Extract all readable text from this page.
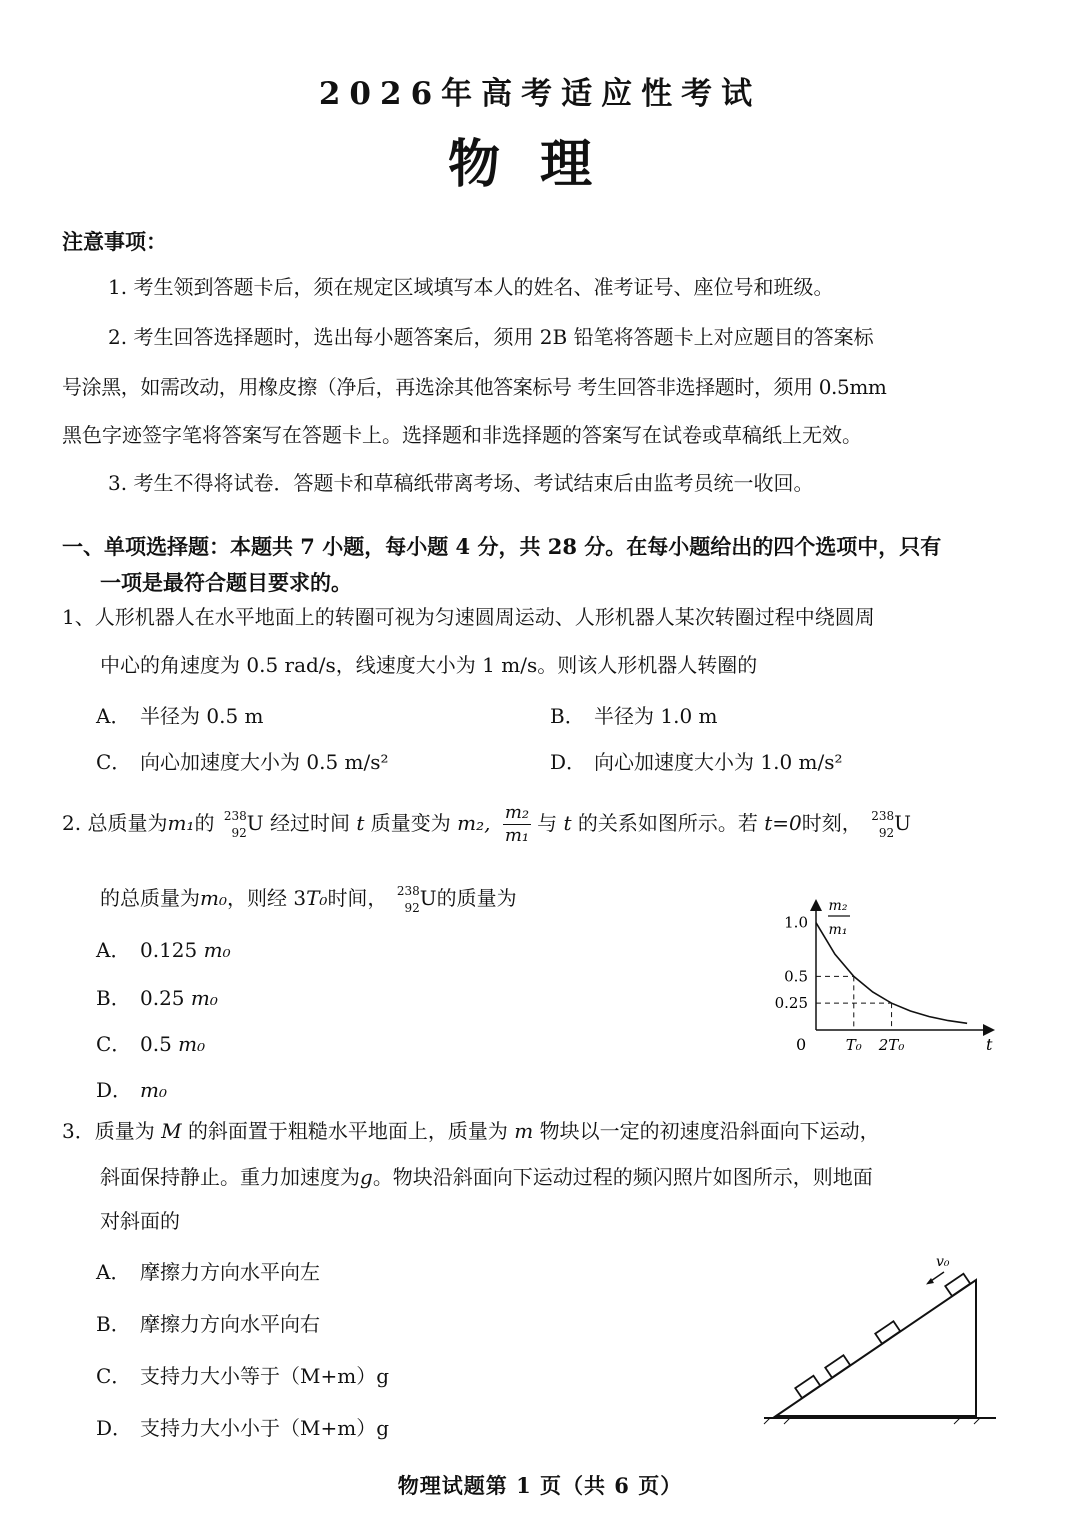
2026年高考适应性考试
物理
注意事项：
1. 考生领到答题卡后，须在规定区域填写本人的姓名、准考证号、座位号和班级。
2. 考生回答选择题时，选出每小题答案后，须用 2B 铅笔将答题卡上对应题目的答案标
号涂黑，如需改动，用橡皮擦（净后，再选涂其他答案标号 考生回答非选择题时，须用 0.5mm
黑色字迹签字笔将答案写在答题卡上。选择题和非选择题的答案写在试卷或草稿纸上无效。
3. 考生不得将试卷．答题卡和草稿纸带离考场、考试结束后由监考员统一收回。
一、单项选择题：本题共 7 小题，每小题 4 分，共 28 分。在每小题给出的四个选项中，只有
一项是最符合题目要求的。
1、人形机器人在水平地面上的转圈可视为匀速圆周运动、人形机器人某次转圈过程中绕圆周
中心的角速度为 0.5 rad/s，线速度大小为 1 m/s。则该人形机器人转圈的
A． 半径为 0.5 m	B． 半径为 1.0 m
C． 向心加速度大小为 0.5 m/s²	D． 向心加速度大小为 1.0 m/s²
2. 总质量为m₁的 238
92 U 经过时间 t 质量变为 m₂, $\frac{\text{m₂}}{\text{m₁}}$ 与 t 的关系如图所示。若 t=0时刻， 238
92 U
的总质量为m₀，则经 3T₀时间， 238
92 U的质量为
A． 0.125 m₀
B． 0.25 m₀
C． 0.5 m₀
D． m₀
m₂
m₁
t
0
1.0
0.5
0.25
T₀ 2T₀
3．质量为 M 的斜面置于粗糙水平地面上，质量为 m 物块以一定的初速度沿斜面向下运动，
斜面保持静止。重力加速度为g。物块沿斜面向下运动过程的频闪照片如图所示，则地面
对斜面的
A． 摩擦力方向水平向左
B． 摩擦力方向水平向右
C． 支持力大小等于（M+m）g
D． 支持力大小小于（M+m）g
v₀
物理试题第 1 页（共 6 页）
